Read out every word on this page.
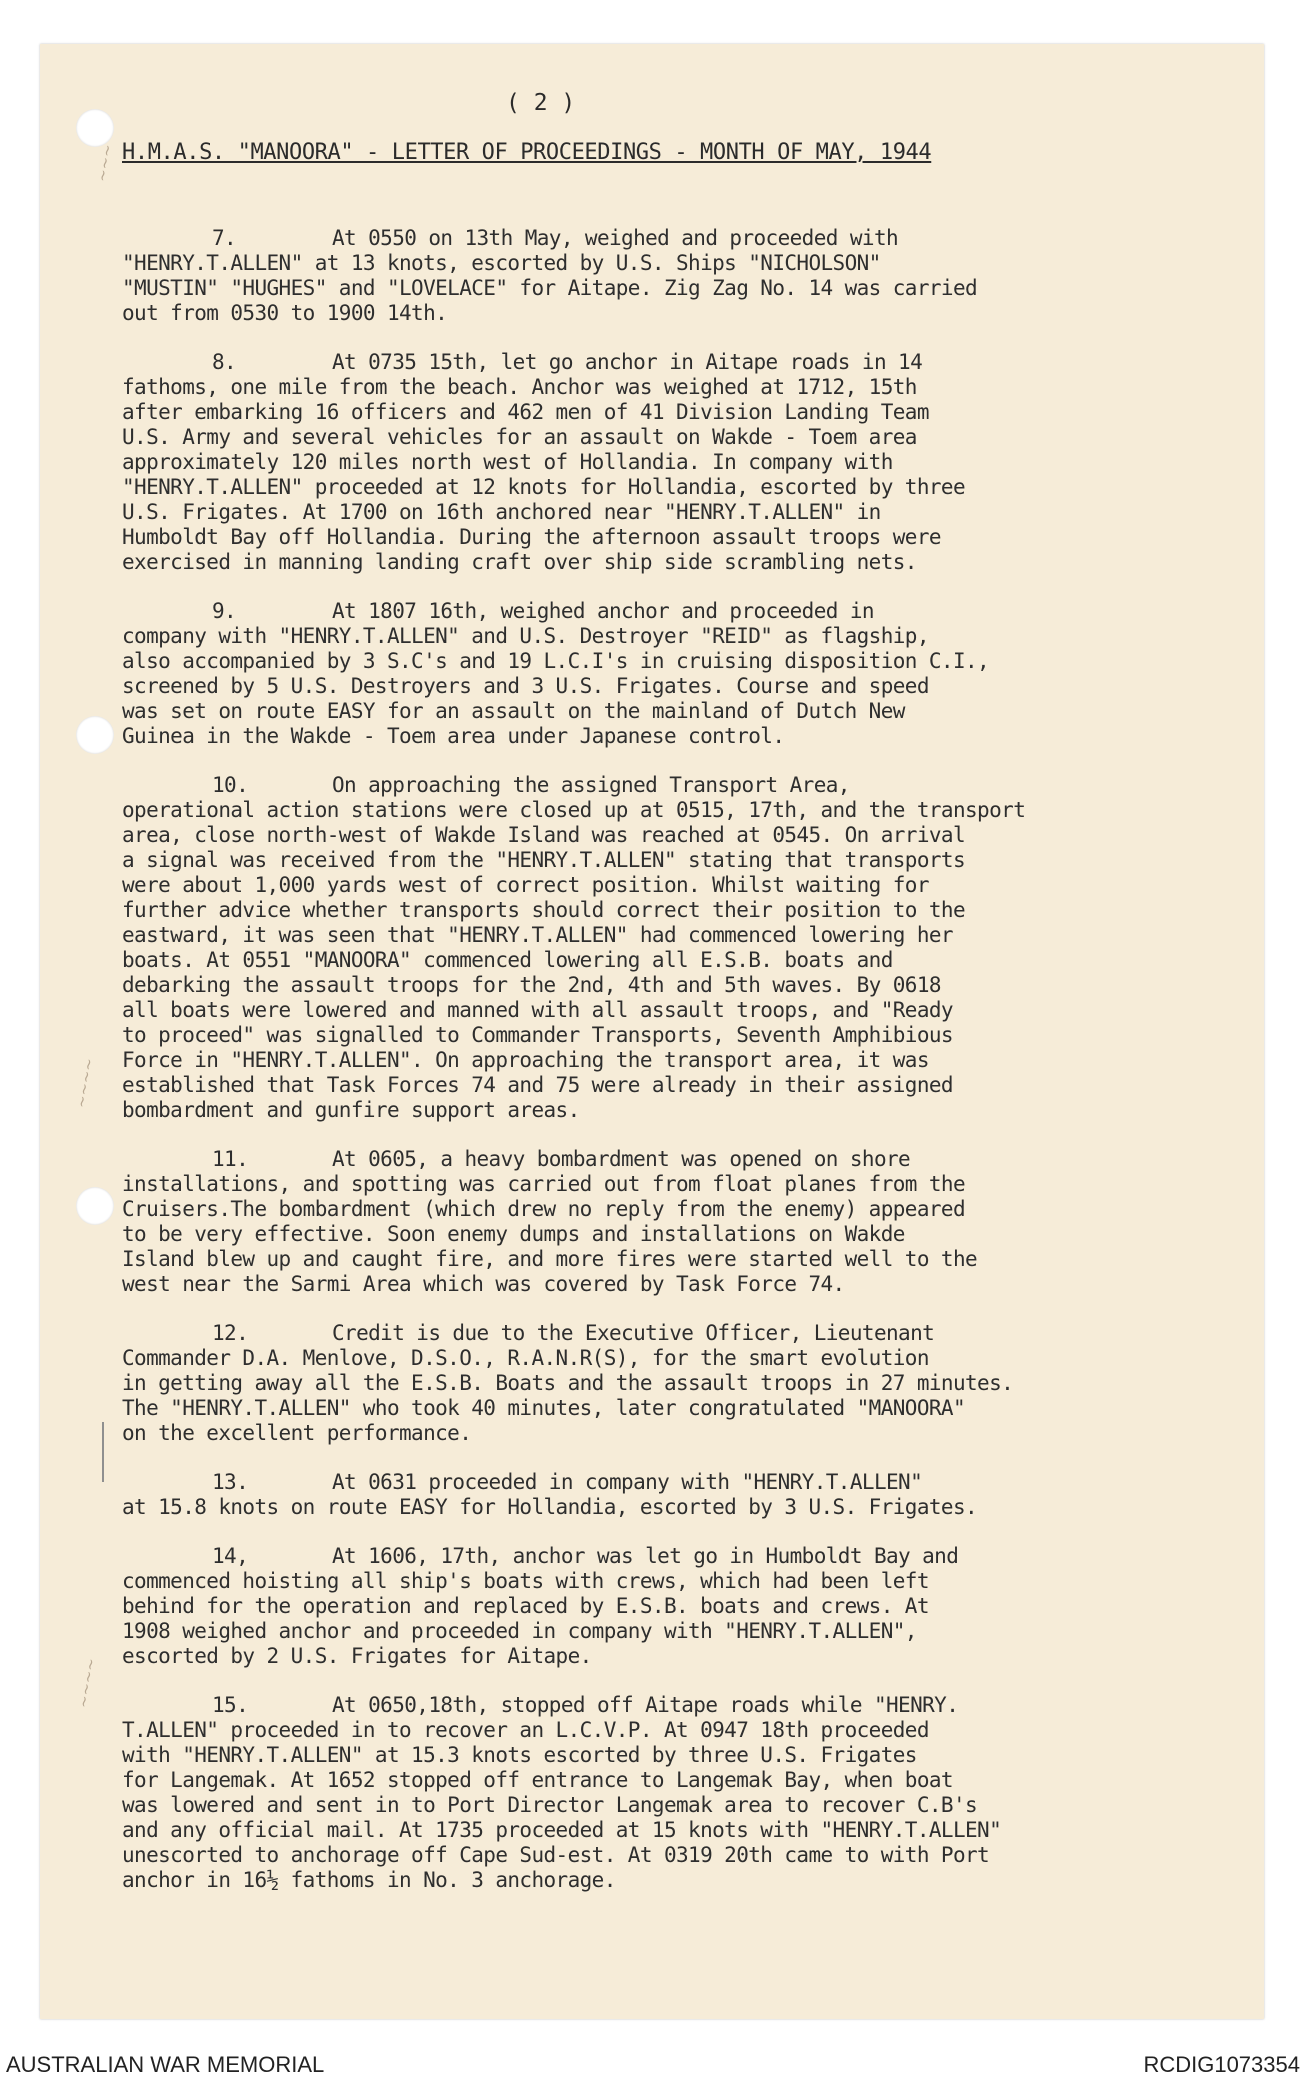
~~~
~~~~
~~~~
( 2 )
H.M.A.S. "MANOORA" - LETTER OF PROCEEDINGS - MONTH OF MAY, 1944
7.	At 0550 on 13th May, weighed and proceeded with
"HENRY.T.ALLEN" at 13 knots, escorted by U.S. Ships "NICHOLSON"
"MUSTIN" "HUGHES" and "LOVELACE" for Aitape. Zig Zag No. 14 was carried
out from 0530 to 1900 14th.
8.	At 0735 15th, let go anchor in Aitape roads in 14
fathoms, one mile from the beach. Anchor was weighed at 1712, 15th
after embarking 16 officers and 462 men of 41 Division Landing Team
U.S. Army and several vehicles for an assault on Wakde - Toem area
approximately 120 miles north west of Hollandia. In company with
"HENRY.T.ALLEN" proceeded at 12 knots for Hollandia, escorted by three
U.S. Frigates. At 1700 on 16th anchored near "HENRY.T.ALLEN" in
Humboldt Bay off Hollandia. During the afternoon assault troops were
exercised in manning landing craft over ship side scrambling nets.
9.	At 1807 16th, weighed anchor and proceeded in
company with "HENRY.T.ALLEN" and U.S. Destroyer "REID" as flagship,
also accompanied by 3 S.C's and 19 L.C.I's in cruising disposition C.I.,
screened by 5 U.S. Destroyers and 3 U.S. Frigates. Course and speed
was set on route EASY for an assault on the mainland of Dutch New
Guinea in the Wakde - Toem area under Japanese control.
10.	On approaching the assigned Transport Area,
operational action stations were closed up at 0515, 17th, and the transport
area, close north-west of Wakde Island was reached at 0545. On arrival
a signal was received from the "HENRY.T.ALLEN" stating that transports
were about 1,000 yards west of correct position. Whilst waiting for
further advice whether transports should correct their position to the
eastward, it was seen that "HENRY.T.ALLEN" had commenced lowering her
boats. At 0551 "MANOORA" commenced lowering all E.S.B. boats and
debarking the assault troops for the 2nd, 4th and 5th waves. By 0618
all boats were lowered and manned with all assault troops, and "Ready
to proceed" was signalled to Commander Transports, Seventh Amphibious
Force in "HENRY.T.ALLEN". On approaching the transport area, it was
established that Task Forces 74 and 75 were already in their assigned
bombardment and gunfire support areas.
11.	At 0605, a heavy bombardment was opened on shore
installations, and spotting was carried out from float planes from the
Cruisers.The bombardment (which drew no reply from the enemy) appeared
to be very effective. Soon enemy dumps and installations on Wakde
Island blew up and caught fire, and more fires were started well to the
west near the Sarmi Area which was covered by Task Force 74.
12.	Credit is due to the Executive Officer, Lieutenant
Commander D.A. Menlove, D.S.O., R.A.N.R(S), for the smart evolution
in getting away all the E.S.B. Boats and the assault troops in 27 minutes.
The "HENRY.T.ALLEN" who took 40 minutes, later congratulated "MANOORA"
on the excellent performance.
13.	At 0631 proceeded in company with "HENRY.T.ALLEN"
at 15.8 knots on route EASY for Hollandia, escorted by 3 U.S. Frigates.
14,	At 1606, 17th, anchor was let go in Humboldt Bay and
commenced hoisting all ship's boats with crews, which had been left
behind for the operation and replaced by E.S.B. boats and crews. At
1908 weighed anchor and proceeded in company with "HENRY.T.ALLEN",
escorted by 2 U.S. Frigates for Aitape.
15.	At 0650,18th, stopped off Aitape roads while "HENRY.
T.ALLEN" proceeded in to recover an L.C.V.P. At 0947 18th proceeded
with "HENRY.T.ALLEN" at 15.3 knots escorted by three U.S. Frigates
for Langemak. At 1652 stopped off entrance to Langemak Bay, when boat
was lowered and sent in to Port Director Langemak area to recover C.B's
and any official mail. At 1735 proceeded at 15 knots with "HENRY.T.ALLEN"
unescorted to anchorage off Cape Sud-est. At 0319 20th came to with Port
anchor in 16½ fathoms in No. 3 anchorage.
AUSTRALIAN WAR MEMORIAL	RCDIG1073354
